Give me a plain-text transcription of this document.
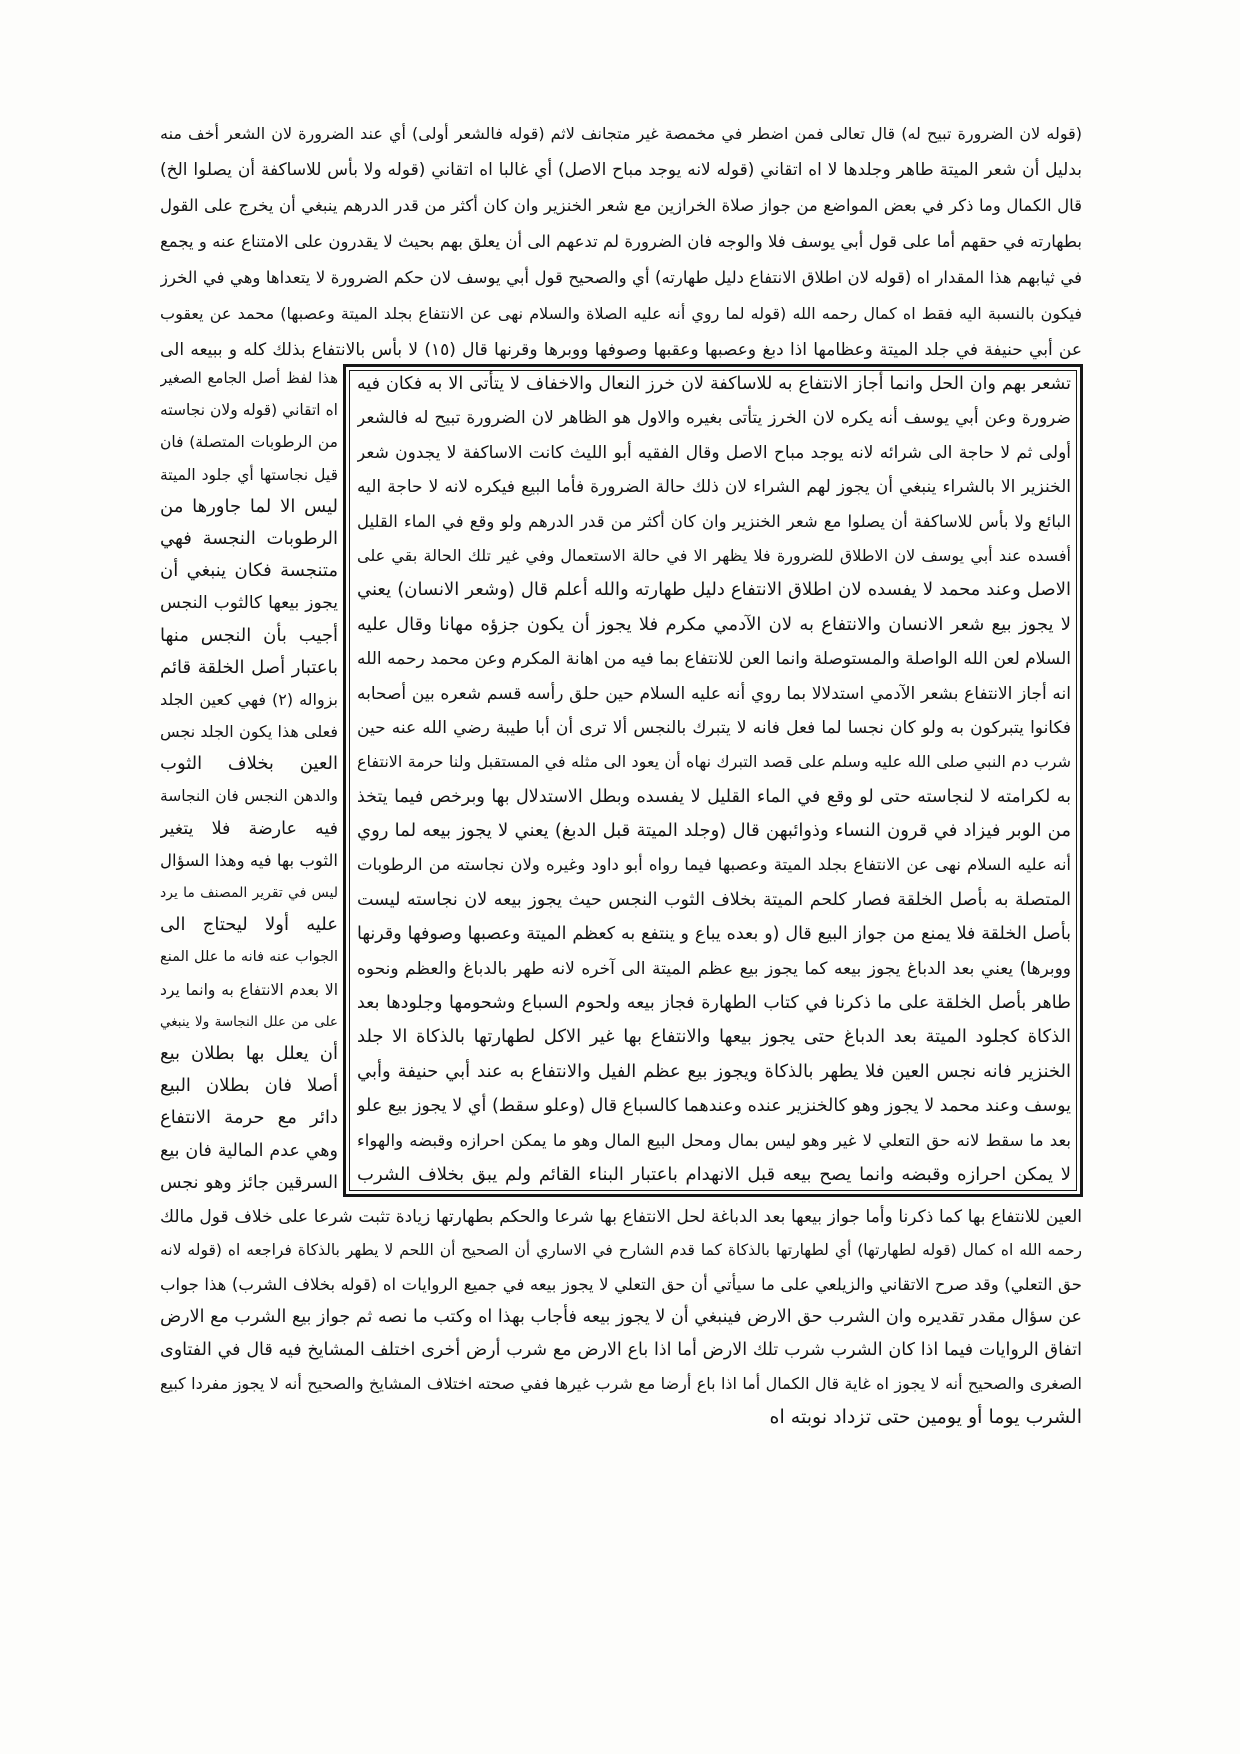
(قوله لان الضرورة تبيح له) قال تعالى فمن اضطر في مخمصة غير متجانف لاثم (قوله فالشعر أولى) أي عند الضرورة لان الشعر أخف منه
بدليل أن شعر الميتة طاهر وجلدها لا اه اتقاني (قوله لانه يوجد مباح الاصل) أي غالبا اه اتقاني (قوله ولا بأس للاساكفة أن يصلوا الخ)
قال الكمال وما ذكر في بعض المواضع من جواز صلاة الخرازين مع شعر الخنزير وان كان أكثر من قدر الدرهم ينبغي أن يخرج على القول
بطهارته في حقهم أما على قول أبي يوسف فلا والوجه فان الضرورة لم تدعهم الى أن يعلق بهم بحيث لا يقدرون على الامتناع عنه و يجمع
في ثيابهم هذا المقدار اه (قوله لان اطلاق الانتفاع دليل طهارته) أي والصحيح قول أبي يوسف لان حكم الضرورة لا يتعداها وهي في الخرز
فيكون بالنسبة اليه فقط اه كمال رحمه الله (قوله لما روي أنه عليه الصلاة والسلام نهى عن الانتفاع بجلد الميتة وعصبها) محمد عن يعقوب
عن أبي حنيفة في جلد الميتة وعظامها اذا دبغ وعصبها وعقبها وصوفها ووبرها وقرنها قال (١٥) لا بأس بالانتفاع بذلك كله و ببيعه الى
تشعر بهم وان الحل وانما أجاز الانتفاع به للاساكفة لان خرز النعال والاخفاف لا يتأتى الا به فكان فيه
ضرورة وعن أبي يوسف أنه يكره لان الخرز يتأتى بغيره والاول هو الظاهر لان الضرورة تبيح له فالشعر
أولى ثم لا حاجة الى شرائه لانه يوجد مباح الاصل وقال الفقيه أبو الليث كانت الاساكفة لا يجدون شعر
الخنزير الا بالشراء ينبغي أن يجوز لهم الشراء لان ذلك حالة الضرورة فأما البيع فيكره لانه لا حاجة اليه
البائع ولا بأس للاساكفة أن يصلوا مع شعر الخنزير وان كان أكثر من قدر الدرهم ولو وقع في الماء القليل
أفسده عند أبي يوسف لان الاطلاق للضرورة فلا يظهر الا في حالة الاستعمال وفي غير تلك الحالة بقي على
الاصل وعند محمد لا يفسده لان اطلاق الانتفاع دليل طهارته والله أعلم قال (وشعر الانسان) يعني
لا يجوز بيع شعر الانسان والانتفاع به لان الآدمي مكرم فلا يجوز أن يكون جزؤه مهانا وقال عليه
السلام لعن الله الواصلة والمستوصلة وانما العن للانتفاع بما فيه من اهانة المكرم وعن محمد رحمه الله
انه أجاز الانتفاع بشعر الآدمي استدلالا بما روي أنه عليه السلام حين حلق رأسه قسم شعره بين أصحابه
فكانوا يتبركون به ولو كان نجسا لما فعل فانه لا يتبرك بالنجس ألا ترى أن أبا طيبة رضي الله عنه حين
شرب دم النبي صلى الله عليه وسلم على قصد التبرك نهاه أن يعود الى مثله في المستقبل ولنا حرمة الانتفاع
به لكرامته لا لنجاسته حتى لو وقع في الماء القليل لا يفسده وبطل الاستدلال بها وبرخص فيما يتخذ
من الوبر فيزاد في قرون النساء وذوائبهن قال (وجلد الميتة قبل الدبغ) يعني لا يجوز بيعه لما روي
أنه عليه السلام نهى عن الانتفاع بجلد الميتة وعصبها فيما رواه أبو داود وغيره ولان نجاسته من الرطوبات
المتصلة به بأصل الخلقة فصار كلحم الميتة بخلاف الثوب النجس حيث يجوز بيعه لان نجاسته ليست
بأصل الخلقة فلا يمنع من جواز البيع قال (و بعده يباع و ينتفع به كعظم الميتة وعصبها وصوفها وقرنها
ووبرها) يعني بعد الدباغ يجوز بيعه كما يجوز بيع عظم الميتة الى آخره لانه طهر بالدباغ والعظم ونحوه
طاهر بأصل الخلقة على ما ذكرنا في كتاب الطهارة فجاز بيعه ولحوم السباع وشحومها وجلودها بعد
الذكاة كجلود الميتة بعد الدباغ حتى يجوز بيعها والانتفاع بها غير الاكل لطهارتها بالذكاة الا جلد
الخنزير فانه نجس العين فلا يطهر بالذكاة ويجوز بيع عظم الفيل والانتفاع به عند أبي حنيفة وأبي
يوسف وعند محمد لا يجوز وهو كالخنزير عنده وعندهما كالسباع قال (وعلو سقط) أي لا يجوز بيع علو
بعد ما سقط لانه حق التعلي لا غير وهو ليس بمال ومحل البيع المال وهو ما يمكن احرازه وقبضه والهواء
لا يمكن احرازه وقبضه وانما يصح بيعه قبل الانهدام باعتبار البناء القائم ولم يبق بخلاف الشرب
هذا لفظ أصل الجامع الصغير
اه اتقاني (قوله ولان نجاسته
من الرطوبات المتصلة) فان
قيل نجاستها أي جلود الميتة
ليس الا لما جاورها من
الرطوبات النجسة فهي
متنجسة فكان ينبغي أن
يجوز بيعها كالثوب النجس
أجيب بأن النجس منها
باعتبار أصل الخلقة قائم
بزواله (٢) فهي كعين الجلد
فعلى هذا يكون الجلد نجس
العين بخلاف الثوب
والدهن النجس فان النجاسة
فيه عارضة فلا يتغير
الثوب بها فيه وهذا السؤال
ليس في تقرير المصنف ما يرد
عليه أولا ليحتاج الى
الجواب عنه فانه ما علل المنع
الا بعدم الانتفاع به وانما يرد
على من علل النجاسة ولا ينبغي
أن يعلل بها بطلان بيع
أصلا فان بطلان البيع
دائر مع حرمة الانتفاع
وهي عدم المالية فان بيع
السرقين جائز وهو نجس
العين للانتفاع بها كما ذكرنا وأما جواز بيعها بعد الدباغة لحل الانتفاع بها شرعا والحكم بطهارتها زيادة تثبت شرعا على خلاف قول مالك
رحمه الله اه كمال (قوله لطهارتها) أي لطهارتها بالذكاة كما قدم الشارح في الاساري أن الصحيح أن اللحم لا يطهر بالذكاة فراجعه اه (قوله لانه
حق التعلي) وقد صرح الاتقاني والزيلعي على ما سيأتي أن حق التعلي لا يجوز بيعه في جميع الروايات اه (قوله بخلاف الشرب) هذا جواب
عن سؤال مقدر تقديره وان الشرب حق الارض فينبغي أن لا يجوز بيعه فأجاب بهذا اه وكتب ما نصه ثم جواز بيع الشرب مع الارض
اتفاق الروايات فيما اذا كان الشرب شرب تلك الارض أما اذا باع الارض مع شرب أرض أخرى اختلف المشايخ فيه قال في الفتاوى
الصغرى والصحيح أنه لا يجوز اه غاية قال الكمال أما اذا باع أرضا مع شرب غيرها ففي صحته اختلاف المشايخ والصحيح أنه لا يجوز مفردا كبيع
الشرب يوما أو يومين حتى تزداد نوبته اه
